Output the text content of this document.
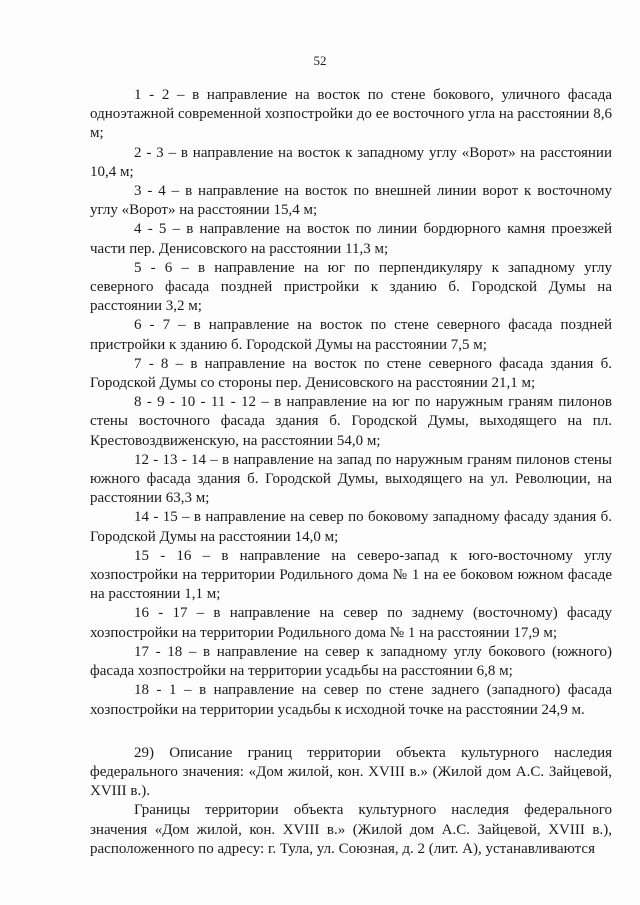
52

1 - 2 – в направление на восток по стене бокового, уличного фасада одноэтажной современной хозпостройки до ее восточного угла на расстоянии 8,6 м;

2 - 3 – в направление на восток к западному углу «Ворот» на расстоянии 10,4 м;

3 - 4 – в направление на восток по внешней линии ворот к восточному углу «Ворот» на расстоянии 15,4 м;

4 - 5 – в направление на восток по линии бордюрного камня проезжей части пер. Денисовского на расстоянии 11,3 м;

5 - 6 – в направление на юг по перпендикуляру к западному углу северного фасада поздней пристройки к зданию б. Городской Думы на расстоянии 3,2 м;

6 - 7 – в направление на восток по стене северного фасада поздней пристройки к зданию б. Городской Думы на расстоянии 7,5 м;

7 - 8 – в направление на восток по стене северного фасада здания б. Городской Думы со стороны пер. Денисовского на расстоянии 21,1 м;

8 - 9 - 10 - 11 - 12 – в направление на юг по наружным граням пилонов стены восточного фасада здания б. Городской Думы, выходящего на пл. Крестовоздвиженскую, на расстоянии 54,0 м;

12 - 13 - 14 – в направление на запад по наружным граням пилонов стены южного фасада здания б. Городской Думы, выходящего на ул. Революции, на расстоянии 63,3 м;

14 - 15 – в направление на север по боковому западному фасаду здания б. Городской Думы на расстоянии 14,0 м;

15 - 16 – в направление на северо-запад к юго-восточному углу хозпостройки на территории Родильного дома № 1 на ее боковом южном фасаде на расстоянии 1,1 м;

16 - 17 – в направление на север по заднему (восточному) фасаду хозпостройки на территории Родильного дома № 1 на расстоянии 17,9 м;

17 - 18 – в направление на север к западному углу бокового (южного) фасада хозпостройки на территории усадьбы на расстоянии 6,8 м;

18 - 1 – в направление на север по стене заднего (западного) фасада хозпостройки на территории усадьбы к исходной точке на расстоянии 24,9 м.

29) Описание границ территории объекта культурного наследия федерального значения: «Дом жилой, кон. XVIII в.» (Жилой дом А.С. Зайцевой, XVIII в.).

Границы территории объекта культурного наследия федерального значения «Дом жилой, кон. XVIII в.» (Жилой дом А.С. Зайцевой, XVIII в.), расположенного по адресу: г. Тула, ул. Союзная, д. 2 (лит. А), устанавливаются
